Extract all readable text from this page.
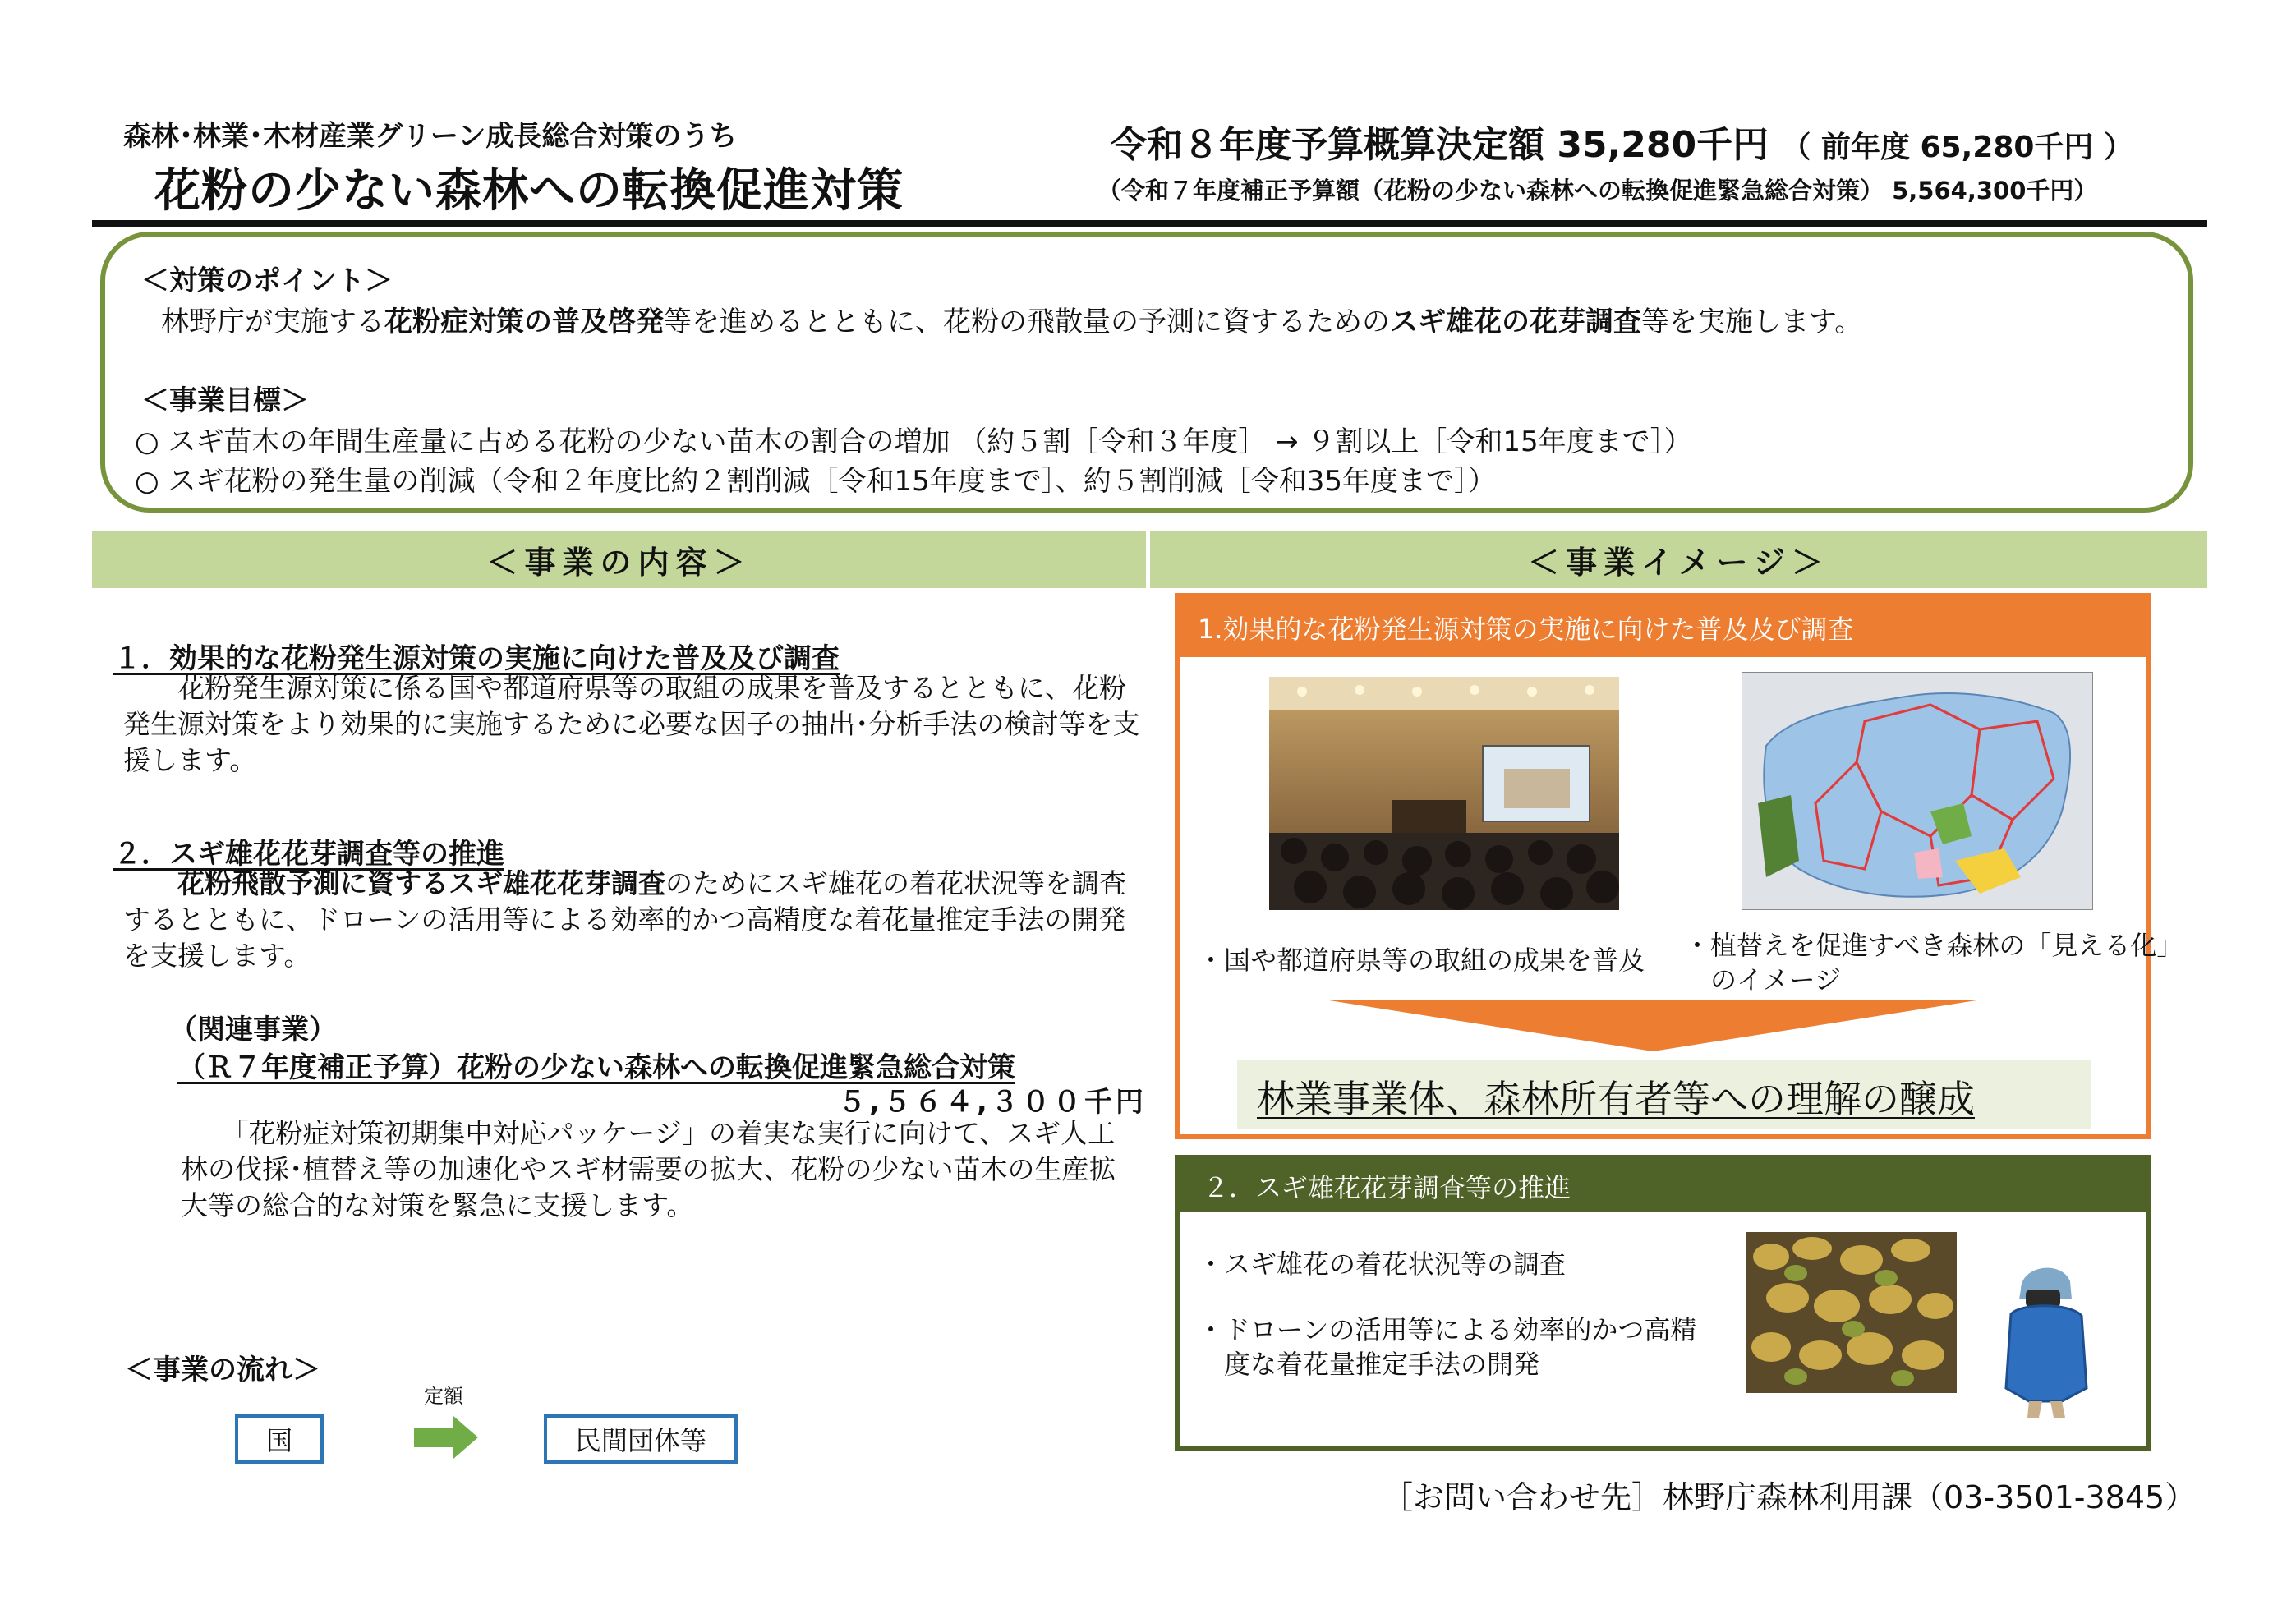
森林･林業･木材産業グリーン成長総合対策のうち
花粉の少ない森林への転換促進対策
令和８年度予算概算決定額 35,280千円 （ 前年度 65,280千円 ）
（令和７年度補正予算額（花粉の少ない森林への転換促進緊急総合対策） 5,564,300千円）
＜対策のポイント＞
林野庁が実施する花粉症対策の普及啓発等を進めるとともに、花粉の飛散量の予測に資するためのスギ雄花の花芽調査等を実施します。
＜事業目標＞
○ スギ苗木の年間生産量に占める花粉の少ない苗木の割合の増加 （約５割［令和３年度］ → ９割以上［令和15年度まで］）
○ スギ花粉の発生量の削減（令和２年度比約２割削減［令和15年度まで］、約５割削減［令和35年度まで］）
＜事業の内容＞	＜事業イメージ＞
１．効果的な花粉発生源対策の実施に向けた普及及び調査
　　花粉発生源対策に係る国や都道府県等の取組の成果を普及するとともに、花粉発生源対策をより効果的に実施するために必要な因子の抽出･分析手法の検討等を支援します。
２．スギ雄花花芽調査等の推進
　　花粉飛散予測に資するスギ雄花花芽調査のためにスギ雄花の着花状況等を調査するとともに、ドローンの活用等による効率的かつ高精度な着花量推定手法の開発を支援します。
（関連事業）
（Ｒ７年度補正予算）花粉の少ない森林への転換促進緊急総合対策
５,５６４,３００千円
　　「花粉症対策初期集中対応パッケージ」の着実な実行に向けて、スギ人工林の伐採･植替え等の加速化やスギ材需要の拡大、花粉の少ない苗木の生産拡大等の総合的な対策を緊急に支援します。
＜事業の流れ＞
国
定額
民間団体等
1.効果的な花粉発生源対策の実施に向けた普及及び調査
・国や都道府県等の取組の成果を普及 ・植替えを促進すべき森林の「見える化」
　のイメージ
林業事業体、森林所有者等への理解の醸成
２．スギ雄花花芽調査等の推進
・スギ雄花の着花状況等の調査
・ドローンの活用等による効率的かつ高精
　度な着花量推定手法の開発
［お問い合わせ先］林野庁森林利用課（03-3501-3845）
